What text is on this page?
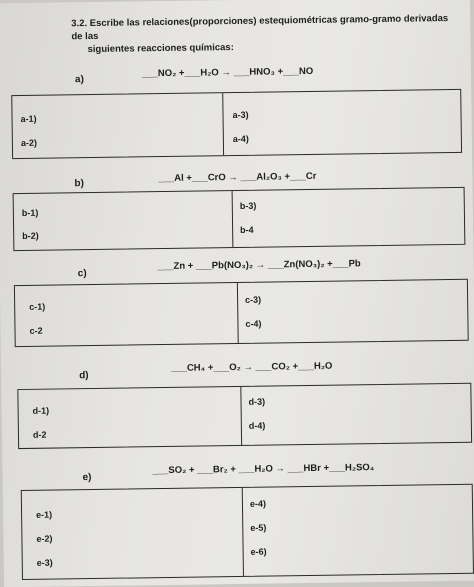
3.2. Escribe las relaciones(proporciones) estequiométricas gramo-gramo derivadas de las
siguientes reacciones químicas:
a)
___NO₂ +___H₂O → ___HNO₃ +___NO
a-1)
a-2)
a-3)
a-4)
b)	___Al +___CrO → ___Al₂O₃ +___Cr
b-1)
b-2)
b-3)
b-4
c)
___Zn + ___Pb(NO₃)₂ → ___Zn(NO₃)₂ +___Pb
c-1)
c-2
c-3)
c-4)
d)
___CH₄ +___O₂ → ___CO₂ +___H₂O
d-1)
d-2
d-3)
d-4)
e)
___SO₂ + ___Br₂ + ___H₂O → ___HBr +___H₂SO₄
e-1)
e-2)
e-3)
e-4)
e-5)
e-6)
